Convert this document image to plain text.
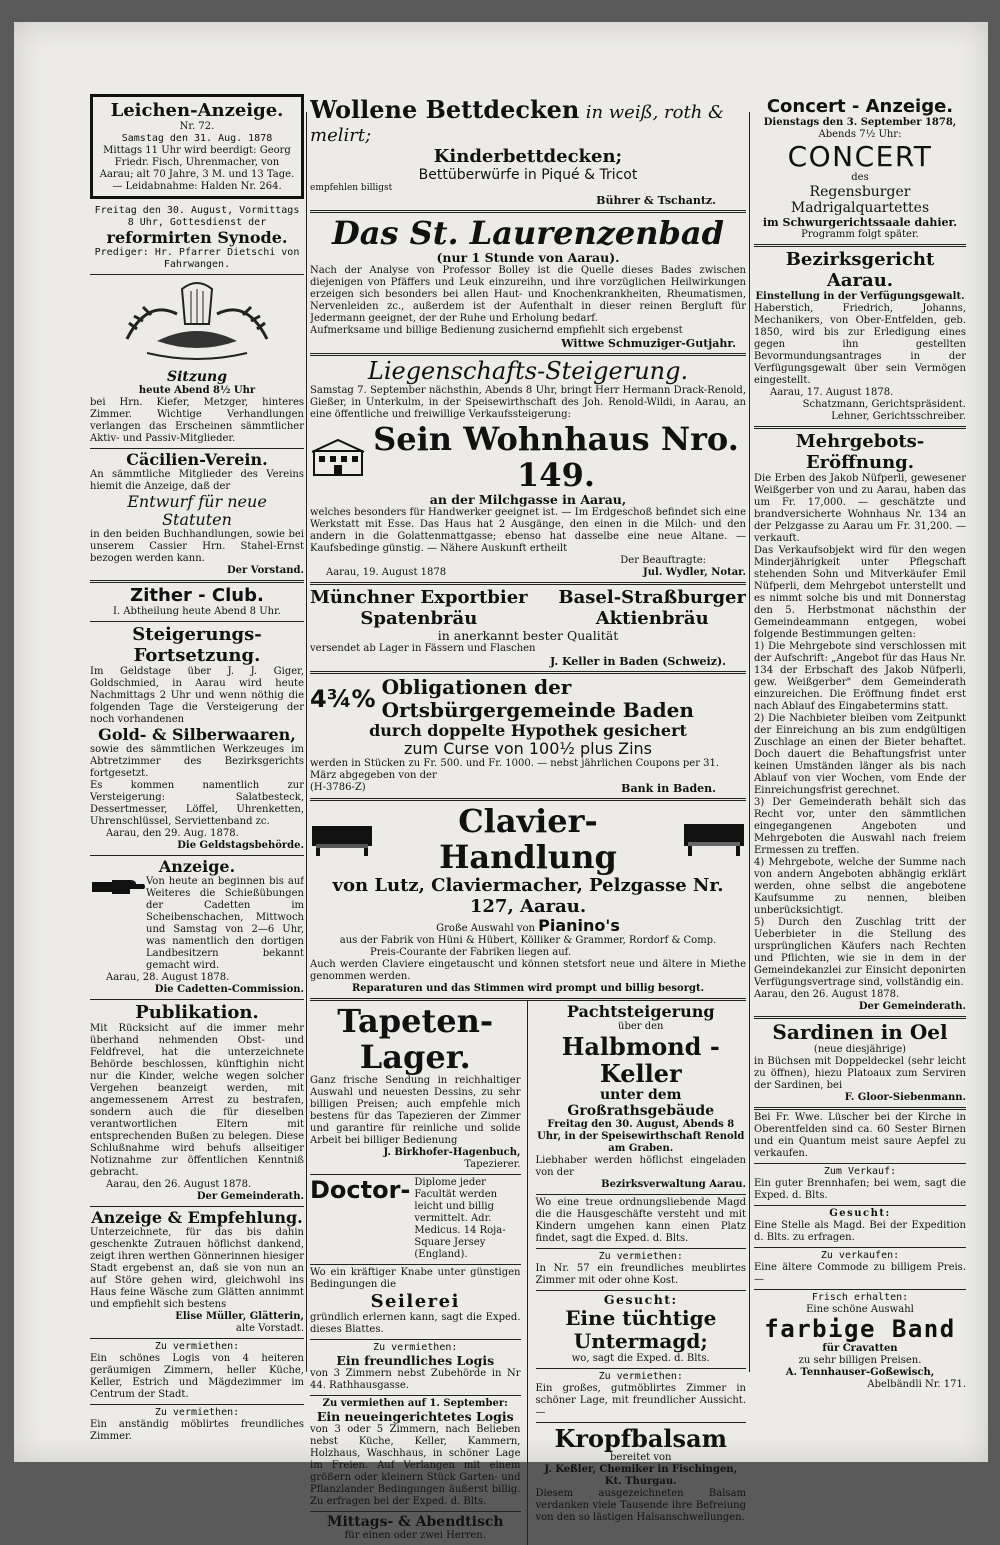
Leichen-Anzeige.
Nr. 72.
Samstag den 31. Aug. 1878
Mittags 11 Uhr wird beerdigt: Georg Friedr. Fisch, Uhrenmacher, von Aarau; alt 70 Jahre, 3 M. und 13 Tage. — Leidabnahme: Halden Nr. 264.
Freitag den 30. August, Vormittags 8 Uhr, Gottesdienst der
reformirten Synode.
Prediger: Hr. Pfarrer Dietschi von Fahrwangen.
Sitzung
heute Abend 8½ Uhr
bei Hrn. Kiefer, Metzger, hinteres Zimmer. Wichtige Verhandlungen verlangen das Erscheinen sämmtlicher Aktiv- und Passiv-Mitglieder.
Cäcilien-Verein.
An sämmtliche Mitglieder des Vereins hiemit die Anzeige, daß der
Entwurf für neue Statuten
in den beiden Buchhandlungen, sowie bei unserem Cassier Hrn. Stahel-Ernst bezogen werden kann.
Der Vorstand.
Zither - Club.
I. Abtheilung heute Abend 8 Uhr.
Steigerungs-Fortsetzung.
Im Geldstage über J. J. Giger, Goldschmied, in Aarau wird heute Nachmittags 2 Uhr und wenn nöthig die folgenden Tage die Versteigerung der noch vorhandenen
Gold- & Silberwaaren,
sowie des sämmtlichen Werkzeuges im Abtretzimmer des Bezirksgerichts fortgesetzt.
Es kommen namentlich zur Versteigerung: Salatbesteck, Dessertmesser, Löffel, Uhrenketten, Uhrenschlüssel, Serviettenband zc.
Aarau, den 29. Aug. 1878.
Die Geldstagsbehörde.
Anzeige.
Von heute an beginnen bis auf Weiteres die Schießübungen der Cadetten im Scheibenschachen, Mittwoch und Samstag von 2—6 Uhr, was namentlich den dortigen Landbesitzern bekannt gemacht wird.
Aarau, 28. August 1878.
Die Cadetten-Commission.
Publikation.
Mit Rücksicht auf die immer mehr überhand nehmenden Obst- und Feldfrevel, hat die unterzeichnete Behörde beschlossen, künftighin nicht nur die Kinder, welche wegen solcher Vergehen beanzeigt werden, mit angemessenem Arrest zu bestrafen, sondern auch die für dieselben verantwortlichen Eltern mit entsprechenden Bußen zu belegen. Diese Schlußnahme wird behufs allseitiger Notiznahme zur öffentlichen Kenntniß gebracht.
Aarau, den 26. August 1878.
Der Gemeinderath.
Anzeige & Empfehlung.
Unterzeichnete, für das bis dahin geschenkte Zutrauen höflichst dankend, zeigt ihren werthen Gönnerinnen hiesiger Stadt ergebenst an, daß sie von nun an auf Störe gehen wird, gleichwohl ins Haus feine Wäsche zum Glätten annimmt und empfiehlt sich bestens
Elise Müller, Glätterin,
alte Vorstadt.
Zu vermiethen:
Ein schönes Logis von 4 heiteren geräumigen Zimmern, heller Küche, Keller, Estrich und Mägdezimmer im Centrum der Stadt.
Zu vermiethen:
Ein anständig möblirtes freundliches Zimmer.
Wollene Bettdecken in weiß, roth & melirt;
Kinderbettdecken;
Bettüberwürfe in Piqué & Tricot
empfehlen billigst
Bührer & Tschantz.
Das St. Laurenzenbad
(nur 1 Stunde von Aarau).
Nach der Analyse von Professor Bolley ist die Quelle dieses Bades zwischen diejenigen von Pfäffers und Leuk einzureihn, und ihre vorzüglichen Heilwirkungen erzeigen sich besonders bei allen Haut- und Knochenkrankheiten, Rheumatismen, Nervenleiden zc., außerdem ist der Aufenthalt in dieser reinen Bergluft für Jedermann geeignet, der der Ruhe und Erholung bedarf.
Aufmerksame und billige Bedienung zusichernd empfiehlt sich ergebenst
Wittwe Schmuziger-Gutjahr.
Liegenschafts-Steigerung.
Samstag 7. September nächsthin, Abends 8 Uhr, bringt Herr Hermann Drack-Renold, Gießer, in Unterkulm, in der Speisewirthschaft des Joh. Renold-Wildi, in Aarau, an eine öffentliche und freiwillige Verkaufssteigerung:
Sein Wohnhaus Nro. 149.
an der Milchgasse in Aarau,
welches besonders für Handwerker geeignet ist. — Im Erdgeschoß befindet sich eine Werkstatt mit Esse. Das Haus hat 2 Ausgänge, den einen in die Milch- und den andern in die Golattenmattgasse; ebenso hat dasselbe eine neue Altane. — Kaufsbedinge günstig. — Nähere Auskunft ertheilt
Der Beauftragte:
Aarau, 19. August 1878	Jul. Wydler, Notar.
Münchner Exportbier
Spatenbräu
Basel-Straßburger
Aktienbräu
in anerkannt bester Qualität
versendet ab Lager in Fässern und Flaschen
J. Keller in Baden (Schweiz).
4¾% Obligationen der Ortsbürgergemeinde Baden
durch doppelte Hypothek gesichert
zum Curse von 100½ plus Zins
werden in Stücken zu Fr. 500. und Fr. 1000. — nebst jährlichen Coupons per 31. März abgegeben von der
(H-3786-Z)	Bank in Baden.
Clavier-Handlung
von Lutz, Claviermacher, Pelzgasse Nr. 127, Aarau.
Große Auswahl von Pianino's
aus der Fabrik von Hüni & Hübert, Kölliker & Grammer, Rordorf & Comp.
Preis-Courante der Fabriken liegen auf.
Auch werden Claviere eingetauscht und können stetsfort neue und ältere in Miethe genommen werden.
Reparaturen und das Stimmen wird prompt und billig besorgt.
Tapeten-Lager.
Ganz frische Sendung in reichhaltiger Auswahl und neuesten Dessins, zu sehr billigen Preisen; auch empfehle mich bestens für das Tapezieren der Zimmer und garantire für reinliche und solide Arbeit bei billiger Bedienung
J. Birkhofer-Hagenbuch,
Tapezierer.
Doctor- Diplome jeder Facultät werden leicht und billig vermittelt. Adr. Medicus. 14 Roja-Square Jersey (England).
Wo ein kräftiger Knabe unter günstigen Bedingungen die
Seilerei
gründlich erlernen kann, sagt die Exped. dieses Blattes.
Zu vermiethen:
Ein freundliches Logis
von 3 Zimmern nebst Zubehörde in Nr 44. Rathhausgasse.
Zu vermiethen auf 1. September:
Ein neueingerichtetes Logis
von 3 oder 5 Zimmern, nach Belieben nebst Küche, Keller, Kammern, Holzhaus, Waschhaus, in schöner Lage im Freien. Auf Verlangen mit einem größern oder kleinern Stück Garten- und Pflanzlander Bedingungen äußerst billig. Zu erfragen bei der Exped. d. Blts.
Mittags- & Abendtisch
für einen oder zwei Herren.
Pachtsteigerung
über den
Halbmond - Keller
unter dem Großrathsgebäude
Freitag den 30. August, Abends 8 Uhr, in der Speisewirthschaft Renold am Graben.
Liebhaber werden höflichst eingeladen von der
Bezirksverwaltung Aarau.
Wo eine treue ordnungsliebende Magd die die Hausgeschäfte versteht und mit Kindern umgehen kann einen Platz findet, sagt die Exped. d. Blts.
Zu vermiethen:
In Nr. 57 ein freundliches meublirtes Zimmer mit oder ohne Kost.
Gesucht:
Eine tüchtige Untermagd;
wo, sagt die Exped. d. Blts.
Zu vermiethen:
Ein großes, gutmöblirtes Zimmer in schöner Lage, mit freundlicher Aussicht. —
Kropfbalsam
bereitet von
J. Keßler, Chemiker in Fischingen, Kt. Thurgau.
Diesem ausgezeichneten Balsam verdanken viele Tausende ihre Befreiung von den so lästigen Halsanschwellungen.
Concert - Anzeige.
Dienstags den 3. September 1878,
Abends 7½ Uhr:
CONCERT
des
Regensburger Madrigalquartettes
im Schwurgerichtssaale dahier.
Programm folgt später.
Bezirksgericht Aarau.
Einstellung in der Verfügungsgewalt.
Haberstich, Friedrich, Johanns, Mechanikers, von Ober-Entfelden, geb. 1850, wird bis zur Erledigung eines gegen ihn gestellten Bevormundungsantrages in der Verfügungsgewalt über sein Vermögen eingestellt.
Aarau, 17. August 1878.
Schatzmann, Gerichtspräsident.
Lehner, Gerichtsschreiber.
Mehrgebots-Eröffnung.
Die Erben des Jakob Nüfperli, gewesener Weißgerber von und zu Aarau, haben das um Fr. 17,000. — geschätzte und brandversicherte Wohnhaus Nr. 134 an der Pelzgasse zu Aarau um Fr. 31,200. — verkauft.
Das Verkaufsobjekt wird für den wegen Minderjährigkeit unter Pflegschaft stehenden Sohn und Mitverkäufer Emil Nüfperli, dem Mehrgebot unterstellt und es nimmt solche bis und mit Donnerstag den 5. Herbstmonat nächsthin der Gemeindeammann entgegen, wobei folgende Bestimmungen gelten:
1) Die Mehrgebote sind verschlossen mit der Aufschrift: „Angebot für das Haus Nr. 134 der Erbschaft des Jakob Nüfperli, gew. Weißgerber" dem Gemeinderath einzureichen. Die Eröffnung findet erst nach Ablauf des Eingabetermins statt.
2) Die Nachbieter bleiben vom Zeitpunkt der Einreichung an bis zum endgültigen Zuschlage an einen der Bieter behaftet. Doch dauert die Behaftungsfrist unter keinen Umständen länger als bis nach Ablauf von vier Wochen, vom Ende der Einreichungsfrist gerechnet.
3) Der Gemeinderath behält sich das Recht vor, unter den sämmtlichen eingegangenen Angeboten und Mehrgeboten die Auswahl nach freiem Ermessen zu treffen.
4) Mehrgebote, welche der Summe nach von andern Angeboten abhängig erklärt werden, ohne selbst die angebotene Kaufsumme zu nennen, bleiben unberücksichtigt.
5) Durch den Zuschlag tritt der Ueberbieter in die Stellung des ursprünglichen Käufers nach Rechten und Pflichten, wie sie in dem in der Gemeindekanzlei zur Einsicht deponirten Verfügungsvertrage sind, vollständig ein.
Aarau, den 26. August 1878.
Der Gemeinderath.
Sardinen in Oel
(neue diesjährige)
in Büchsen mit Doppeldeckel (sehr leicht zu öffnen), hiezu Platoaux zum Serviren der Sardinen, bei
F. Gloor-Siebenmann.
Bei Fr. Wwe. Lüscher bei der Kirche in Oberentfelden sind ca. 60 Sester Birnen und ein Quantum meist saure Aepfel zu verkaufen.
Zum Verkauf:
Ein guter Brennhafen; bei wem, sagt die Exped. d. Blts.
Gesucht:
Eine Stelle als Magd. Bei der Expedition d. Blts. zu erfragen.
Zu verkaufen:
Eine ältere Commode zu billigem Preis. —
Frisch erhalten:
Eine schöne Auswahl
farbige Band
für Cravatten
zu sehr billigen Preisen.
A. Tennhauser-Goßewisch,
Abelbändli Nr. 171.
